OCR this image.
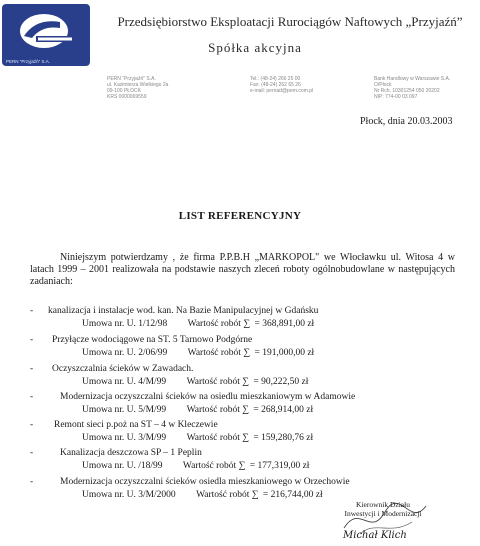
PERN "Przyjaźń" S.A.
Przedsiębiorstwo Eksploatacji Rurociągów Naftowych „Przyjaźń”
Spółka akcyjna
PERN "Przyjaźń" S.A.
ul. Kazimierza Wielkiego 2a
09-100 PŁOCK
KRS 0000069559
Tel.: (48-24) 266 25 00
Fax: (48-24) 262 65 26
e-mail: pernad@pern.com.pl
Bank Handlowy w Warszawie S.A.
O/Płock
Nr Rch. 10301254 050 20202
NIP: 774-00 03 097
Płock, dnia 20.03.2003
LIST REFERENCYJNY
Niniejszym potwierdzamy , że firma P.P.B.H „MARKOPOL" we Włocławku ul. Witosa 4 w latach 1999 – 2001 realizowała na podstawie naszych zleceń roboty ogólnobudowlane w następujących zadaniach:
- kanalizacja i instalacje wod. kan. Na Bazie Manipulacyjnej w Gdańsku
Umowa nr. U. 1/12/98 Wartość robót ∑ = 368,891,00 zł
- Przyłącze wodociągowe na ST. 5 Tarnowo Podgórne
Umowa nr. U. 2/06/99 Wartość robót ∑ = 191,000,00 zł
- Oczyszczalnia ścieków w Zawadach.
Umowa nr. U. 4/M/99 Wartość robót ∑ = 90,222,50 zł
-	Modernizacja oczyszczalni ścieków na osiedlu mieszkaniowym w Adamowie
Umowa nr. U. 5/M/99 Wartość robót ∑ = 268,914,00 zł
- Remont sieci p.poż na ST – 4 w Kleczewie
Umowa nr. U. 3/M/99 Wartość robót ∑ = 159,280,76 zł
-	Kanalizacja deszczowa SP – 1 Peplin
Umowa nr. U. /18/99 Wartość robót ∑ = 177,319,00 zł
-	Modernizacja oczyszczalni ścieków osiedla mieszkaniowego w Orzechowie
Umowa nr. U. 3/M/2000 Wartość robót ∑ = 216,744,00 zł
Kierownik Działu
Inwestycji i Modernizacji
Michał Klich
